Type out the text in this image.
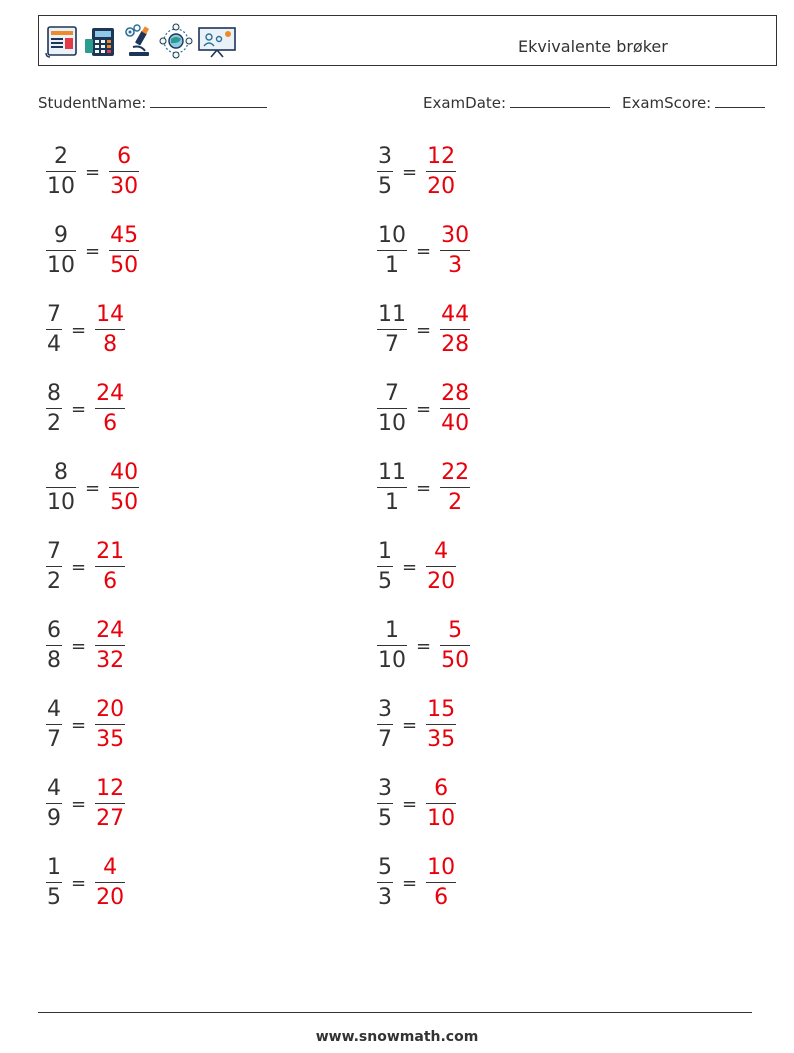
Ekvivalente brøker
StudentName:	ExamDate:	ExamScore:
$\frac{2}{10} = \frac{6}{30}$	$\frac{3}{5} = \frac{12}{20}$
$\frac{9}{10} = \frac{45}{50}$	$\frac{10}{1} = \frac{30}{3}$
$\frac{7}{4} = \frac{14}{8}$	$\frac{11}{7} = \frac{44}{28}$
$\frac{8}{2} = \frac{24}{6}$	$\frac{7}{10} = \frac{28}{40}$
$\frac{8}{10} = \frac{40}{50}$	$\frac{11}{1} = \frac{22}{2}$
$\frac{7}{2} = \frac{21}{6}$	$\frac{1}{5} = \frac{4}{20}$
$\frac{6}{8} = \frac{24}{32}$	$\frac{1}{10} = \frac{5}{50}$
$\frac{4}{7} = \frac{20}{35}$	$\frac{3}{7} = \frac{15}{35}$
$\frac{4}{9} = \frac{12}{27}$	$\frac{3}{5} = \frac{6}{10}$
$\frac{1}{5} = \frac{4}{20}$	$\frac{5}{3} = \frac{10}{6}$
www.snowmath.com
